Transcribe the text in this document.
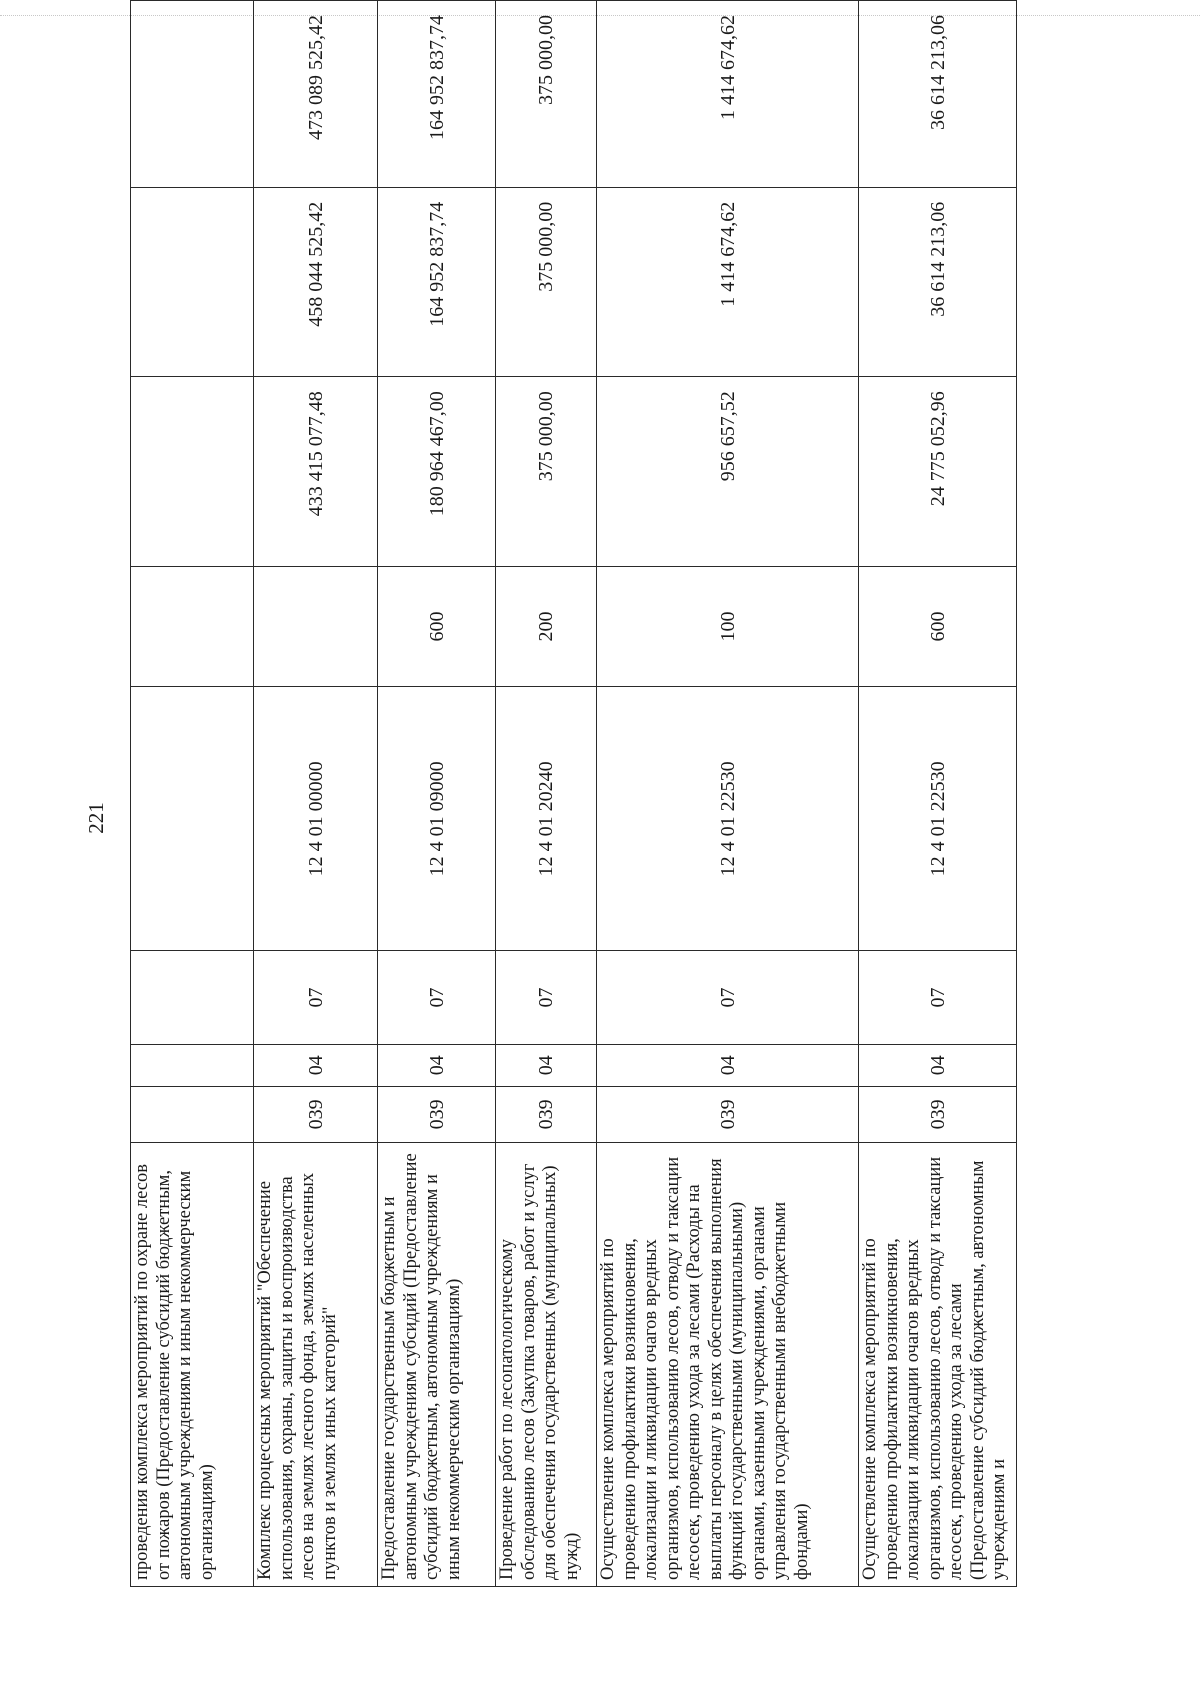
221
проведения комплекса мероприятий по охране лесов от пожаров (Предоставление субсидий бюджетным, автономным учреждениям и иным некоммерческим организациям)								
Комплекс процессных мероприятий "Обеспечение использования, охраны, защиты и воспроизводства лесов на землях лесного фонда, землях населенных пунктов и землях иных категорий"	039	04	07	12 4 01 00000		433 415 077,48	458 044 525,42	473 089 525,42
Предоставление государственным бюджетным и автономным учреждениям субсидий (Предоставление субсидий бюджетным, автономным учреждениям и иным некоммерческим организациям)	039	04	07	12 4 01 09000	600	180 964 467,00	164 952 837,74	164 952 837,74
Проведение работ по лесопатологическому обследованию лесов (Закупка товаров, работ и услуг для обеспечения государственных (муниципальных) нужд)	039	04	07	12 4 01 20240	200	375 000,00	375 000,00	375 000,00
Осуществление комплекса мероприятий по проведению профилактики возникновения, локализации и ликвидации очагов вредных организмов, использованию лесов, отводу и таксации лесосек, проведению ухода за лесами (Расходы на выплаты персоналу в целях обеспечения выполнения функций государственными (муниципальными) органами, казенными учреждениями, органами управления государственными внебюджетными фондами)	039	04	07	12 4 01 22530	100	956 657,52	1 414 674,62	1 414 674,62
Осуществление комплекса мероприятий по проведению профилактики возникновения, локализации и ликвидации очагов вредных организмов, использованию лесов, отводу и таксации лесосек, проведению ухода за лесами (Предоставление субсидий бюджетным, автономным учреждениям и	039	04	07	12 4 01 22530	600	24 775 052,96	36 614 213,06	36 614 213,06
